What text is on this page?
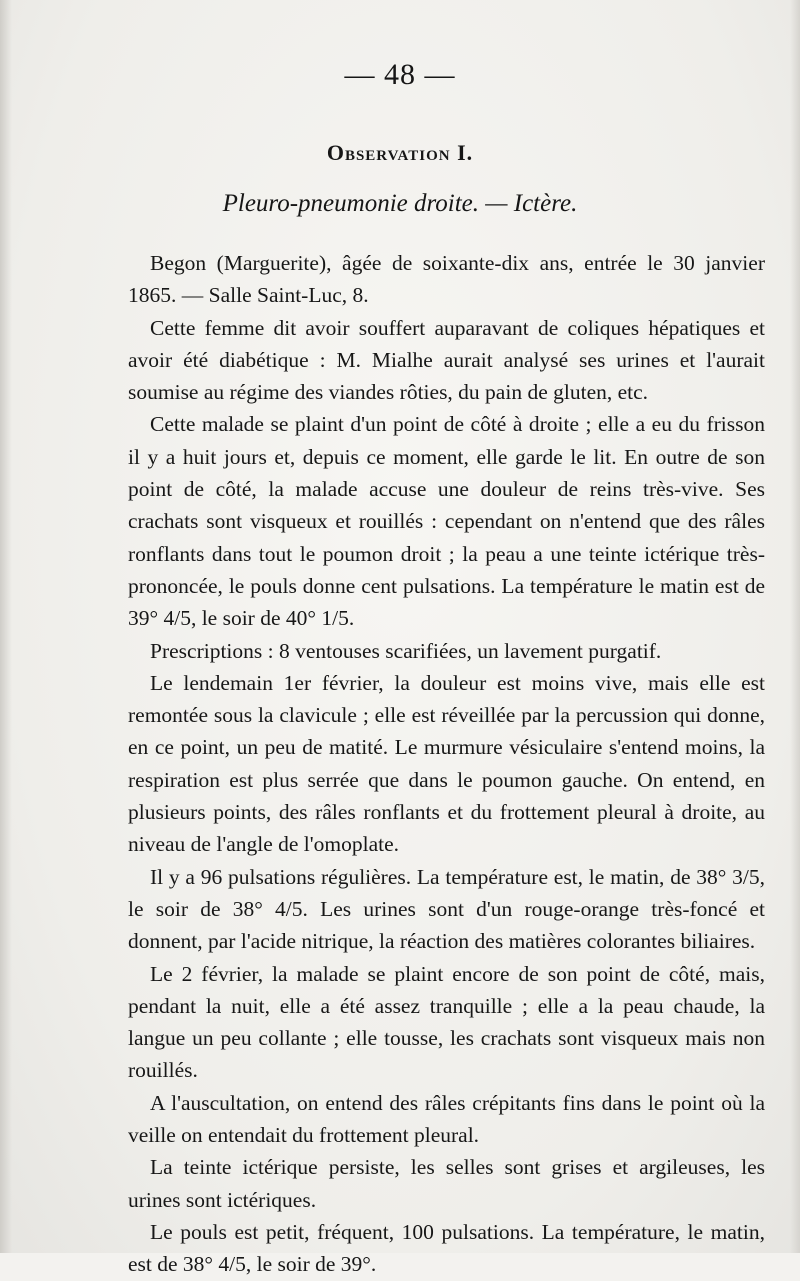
— 48 —
Observation I.
Pleuro-pneumonie droite. — Ictère.

Begon (Marguerite), âgée de soixante-dix ans, entrée le 30 janvier 1865. — Salle Saint-Luc, 8.

Cette femme dit avoir souffert auparavant de coliques hépatiques et avoir été diabétique : M. Mialhe aurait analysé ses urines et l'aurait soumise au régime des viandes rôties, du pain de gluten, etc.

Cette malade se plaint d'un point de côté à droite ; elle a eu du frisson il y a huit jours et, depuis ce moment, elle garde le lit. En outre de son point de côté, la malade accuse une douleur de reins très-vive. Ses crachats sont visqueux et rouillés : cependant on n'entend que des râles ronflants dans tout le poumon droit ; la peau a une teinte ictérique très-prononcée, le pouls donne cent pulsations. La température le matin est de 39° 4/5, le soir de 40° 1/5.

Prescriptions : 8 ventouses scarifiées, un lavement purgatif.

Le lendemain 1er février, la douleur est moins vive, mais elle est remontée sous la clavicule ; elle est réveillée par la percussion qui donne, en ce point, un peu de matité. Le murmure vésiculaire s'entend moins, la respiration est plus serrée que dans le poumon gauche. On entend, en plusieurs points, des râles ronflants et du frottement pleural à droite, au niveau de l'angle de l'omoplate.

Il y a 96 pulsations régulières. La température est, le matin, de 38° 3/5, le soir de 38° 4/5. Les urines sont d'un rouge-orange très-foncé et donnent, par l'acide nitrique, la réaction des matières colorantes biliaires.

Le 2 février, la malade se plaint encore de son point de côté, mais, pendant la nuit, elle a été assez tranquille ; elle a la peau chaude, la langue un peu collante ; elle tousse, les crachats sont visqueux mais non rouillés.

A l'auscultation, on entend des râles crépitants fins dans le point où la veille on entendait du frottement pleural.

La teinte ictérique persiste, les selles sont grises et argileuses, les urines sont ictériques.

Le pouls est petit, fréquent, 100 pulsations. La température, le matin, est de 38° 4/5, le soir de 39°.
